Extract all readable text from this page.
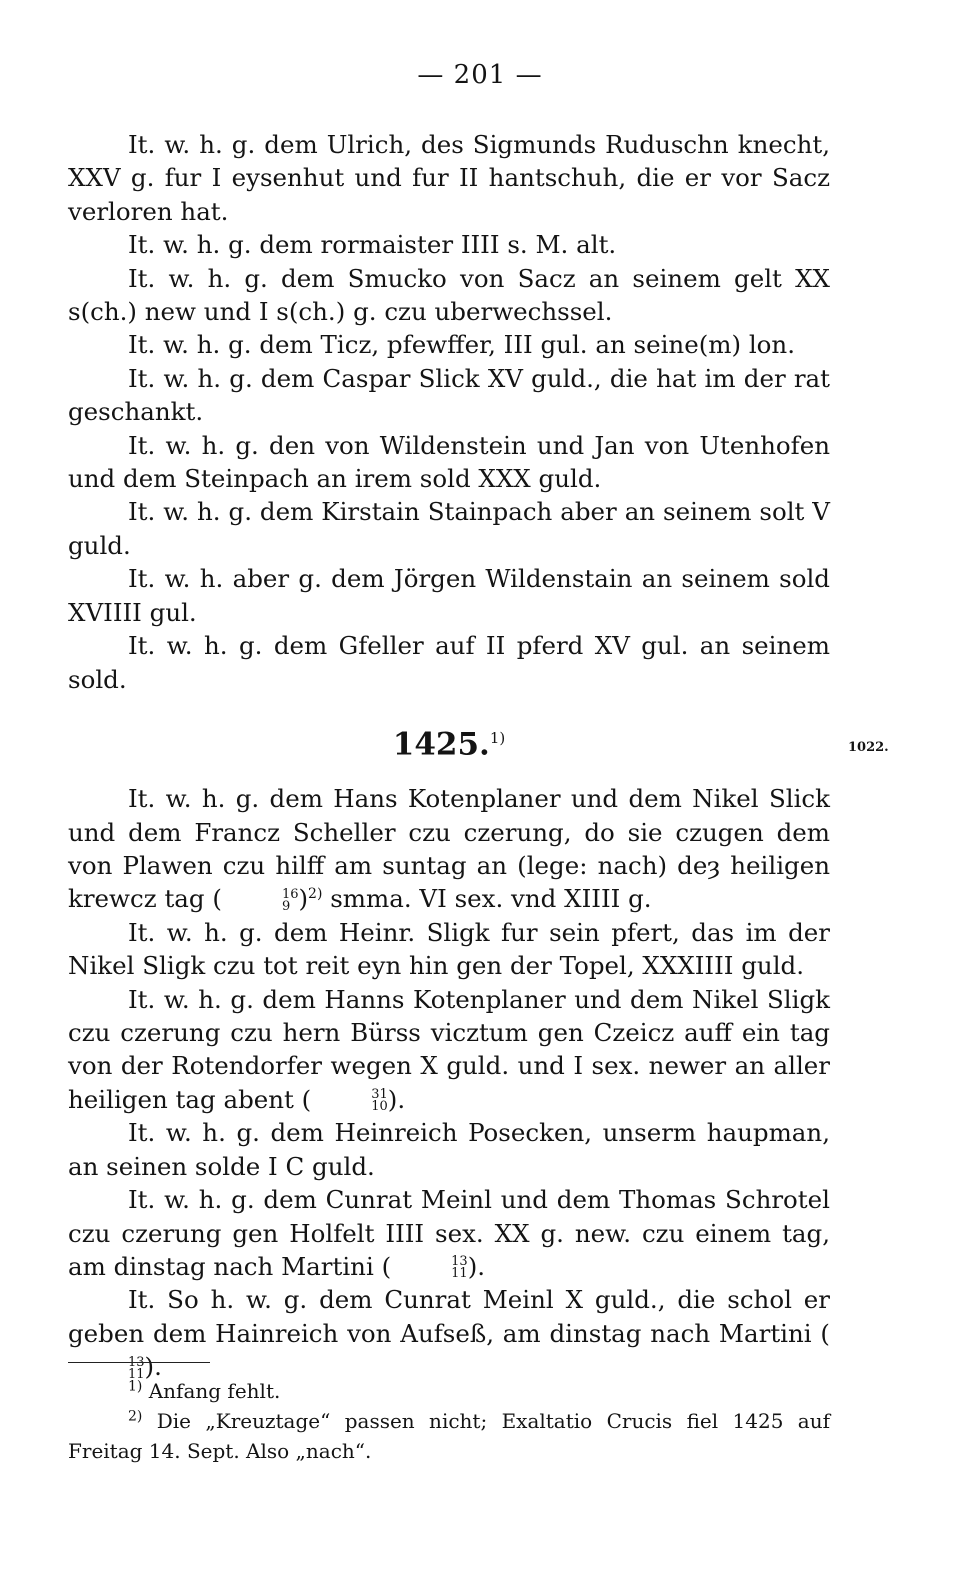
— 201 —

It. w. h. g. dem Ulrich, des Sigmunds Ruduschn knecht, XXV g. fur I eysenhut und fur II hantschuh, die er vor Sacz verloren hat.

It. w. h. g. dem rormaister IIII s. M. alt.

It. w. h. g. dem Smucko von Sacz an seinem gelt XX s(ch.) new und I s(ch.) g. czu uberwechssel.

It. w. h. g. dem Ticz, pfewffer, III gul. an seine(m) lon.

It. w. h. g. dem Caspar Slick XV guld., die hat im der rat geschankt.

It. w. h. g. den von Wildenstein und Jan von Utenhofen und dem Steinpach an irem sold XXX guld.

It. w. h. g. dem Kirstain Stainpach aber an seinem solt V guld.

It. w. h. aber g. dem Jörgen Wildenstain an seinem sold XVIIII gul.

It. w. h. g. dem Gfeller auf II pferd XV gul. an seinem sold.

1425.$^{1)}$
1022.

It. w. h. g. dem Hans Kotenplaner und dem Nikel Slick und dem Francz Scheller czu czerung, do sie czugen dem von Plawen czu hilff am suntag an (lege: nach) deȝ heiligen krewcz tag (	16
9 )$^{2)}$ smma. VI sex. vnd XIIII g.

It. w. h. g. dem Heinr. Sligk fur sein pfert, das im der Nikel Sligk czu tot reit eyn hin gen der Topel, XXXIIII guld.

It. w. h. g. dem Hanns Kotenplaner und dem Nikel Sligk czu czerung czu hern Bürss vicztum gen Czeicz auff ein tag von der Rotendorfer wegen X guld. und I sex. newer an aller heiligen tag abent (	31
10 ).

It. w. h. g. dem Heinreich Posecken, unserm haupman, an seinen solde I C guld.

It. w. h. g. dem Cunrat Meinl und dem Thomas Schrotel czu czerung gen Holfelt IIII sex. XX g. new. czu einem tag, am dinstag nach Martini (	13
11 ).

It. So h. w. g. dem Cunrat Meinl X guld., die schol er geben dem Hainreich von Aufseß, am dinstag nach Martini (
13
11 ).

$^{1)}$ Anfang fehlt.

$^{2)}$ Die „Kreuztage“ passen nicht; Exaltatio Crucis fiel 1425 auf Freitag 14. Sept. Also „nach“.
